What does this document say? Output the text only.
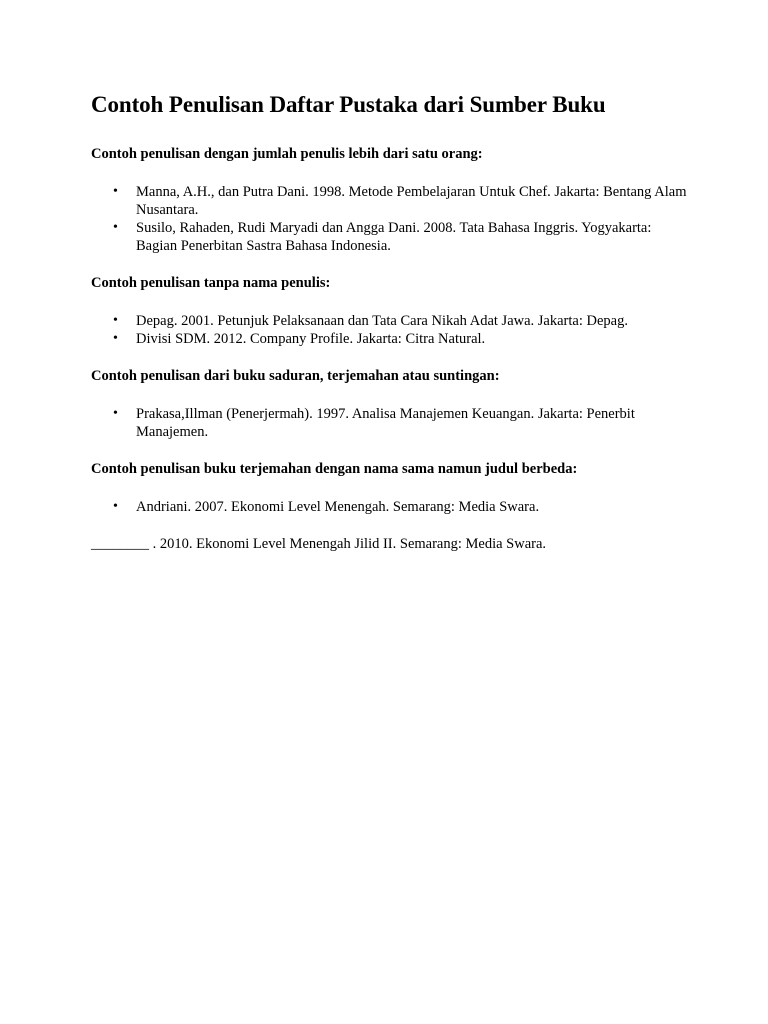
Contoh Penulisan Daftar Pustaka dari Sumber Buku

Contoh penulisan dengan jumlah penulis lebih dari satu orang:

• Manna, A.H., dan Putra Dani. 1998. Metode Pembelajaran Untuk Chef. Jakarta: Bentang Alam Nusantara.
• Susilo, Rahaden, Rudi Maryadi dan Angga Dani. 2008. Tata Bahasa Inggris. Yogyakarta: Bagian Penerbitan Sastra Bahasa Indonesia.

Contoh penulisan tanpa nama penulis:

• Depag. 2001. Petunjuk Pelaksanaan dan Tata Cara Nikah Adat Jawa. Jakarta: Depag.
• Divisi SDM. 2012. Company Profile. Jakarta: Citra Natural.

Contoh penulisan dari buku saduran, terjemahan atau suntingan:

• Prakasa,Illman (Penerjermah). 1997. Analisa Manajemen Keuangan. Jakarta: Penerbit Manajemen.

Contoh penulisan buku terjemahan dengan nama sama namun judul berbeda:

• Andriani. 2007. Ekonomi Level Menengah. Semarang: Media Swara.

________ . 2010. Ekonomi Level Menengah Jilid II. Semarang: Media Swara.
